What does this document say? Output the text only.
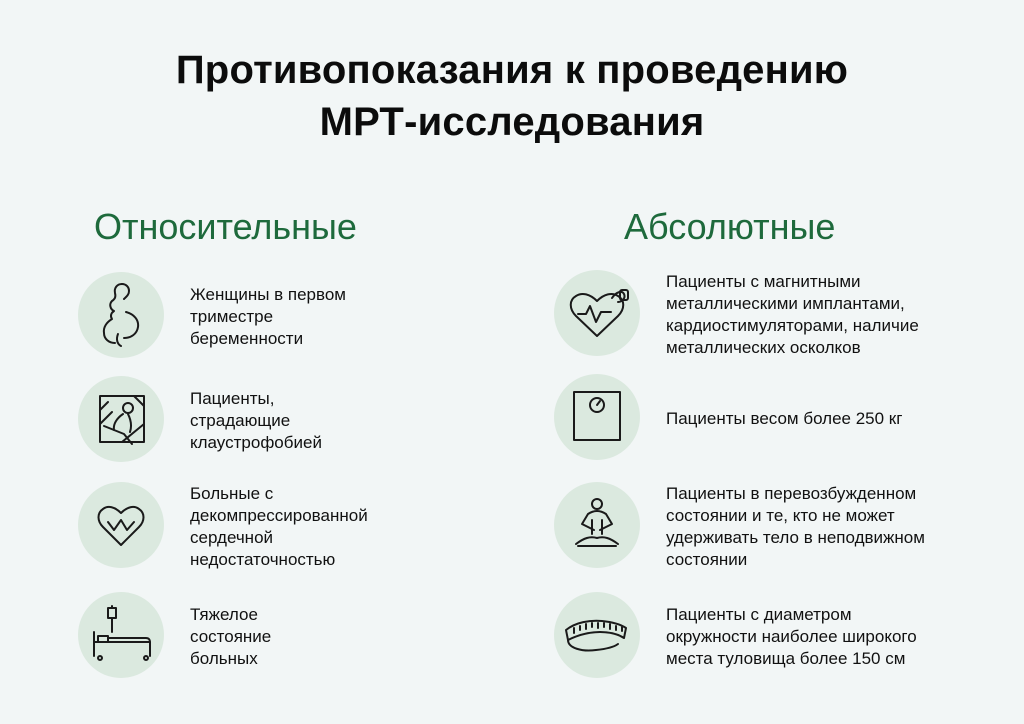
Противопоказания к проведению
МРТ-исследования
Относительные	Абсолютные
Женщины в первом
триместре
беременности
Пациенты,
страдающие
клаустрофобией
Больные с
декомпрессированной
сердечной
недостаточностью
Тяжелое
состояние
больных
Пациенты с магнитными
металлическими имплантами,
кардиостимуляторами, наличие
металлических осколков
Пациенты весом более 250 кг
Пациенты в перевозбужденном
состоянии и те, кто не может
удерживать тело в неподвижном
состоянии
Пациенты с диаметром
окружности наиболее широкого
места туловища более 150 см
